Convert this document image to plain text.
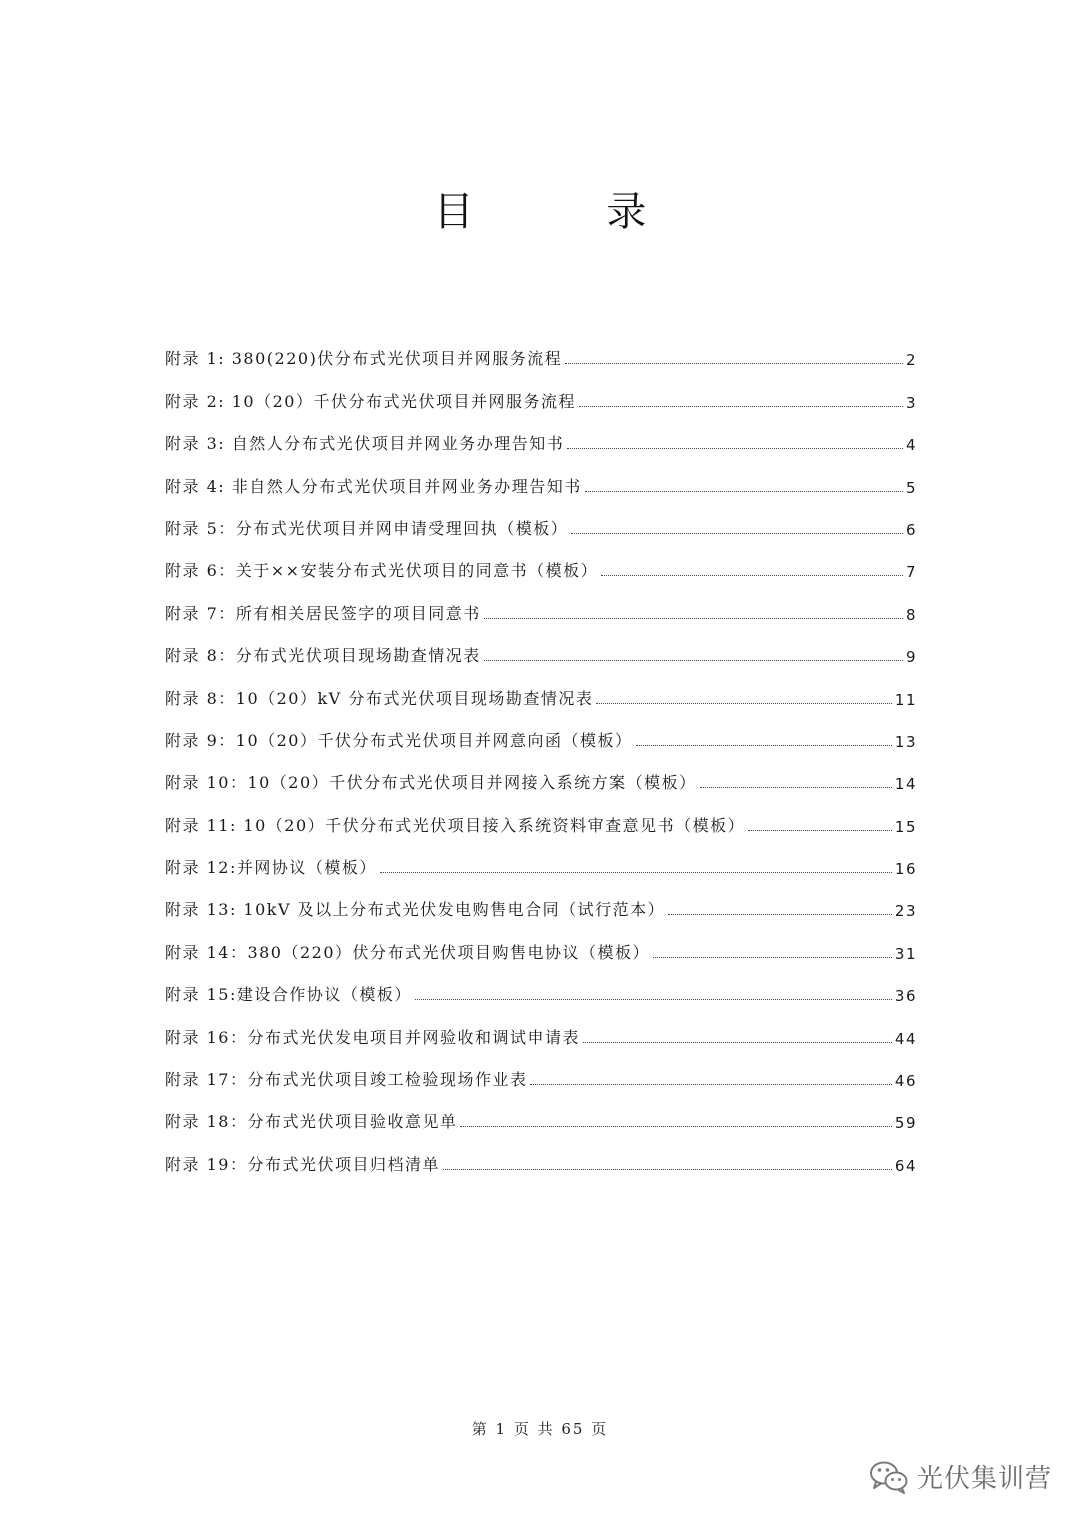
目 录
附录 1: 380(220)伏分布式光伏项目并网服务流程	2
附录 2: 10（20）千伏分布式光伏项目并网服务流程	3
附录 3: 自然人分布式光伏项目并网业务办理告知书	4
附录 4: 非自然人分布式光伏项目并网业务办理告知书	5
附录 5：分布式光伏项目并网申请受理回执（模板）	6
附录 6：关于××安装分布式光伏项目的同意书（模板）	7
附录 7：所有相关居民签字的项目同意书	8
附录 8：分布式光伏项目现场勘查情况表	9
附录 8：10（20）kV 分布式光伏项目现场勘查情况表	11
附录 9：10（20）千伏分布式光伏项目并网意向函（模板）	13
附录 10：10（20）千伏分布式光伏项目并网接入系统方案（模板）	14
附录 11: 10（20）千伏分布式光伏项目接入系统资料审查意见书（模板）	15
附录 12:并网协议（模板）	16
附录 13: 10kV 及以上分布式光伏发电购售电合同（试行范本）	23
附录 14：380（220）伏分布式光伏项目购售电协议（模板）	31
附录 15:建设合作协议（模板）	36
附录 16：分布式光伏发电项目并网验收和调试申请表	44
附录 17：分布式光伏项目竣工检验现场作业表	46
附录 18：分布式光伏项目验收意见单	59
附录 19：分布式光伏项目归档清单	64
第 1 页 共 65 页
光伏集训营
